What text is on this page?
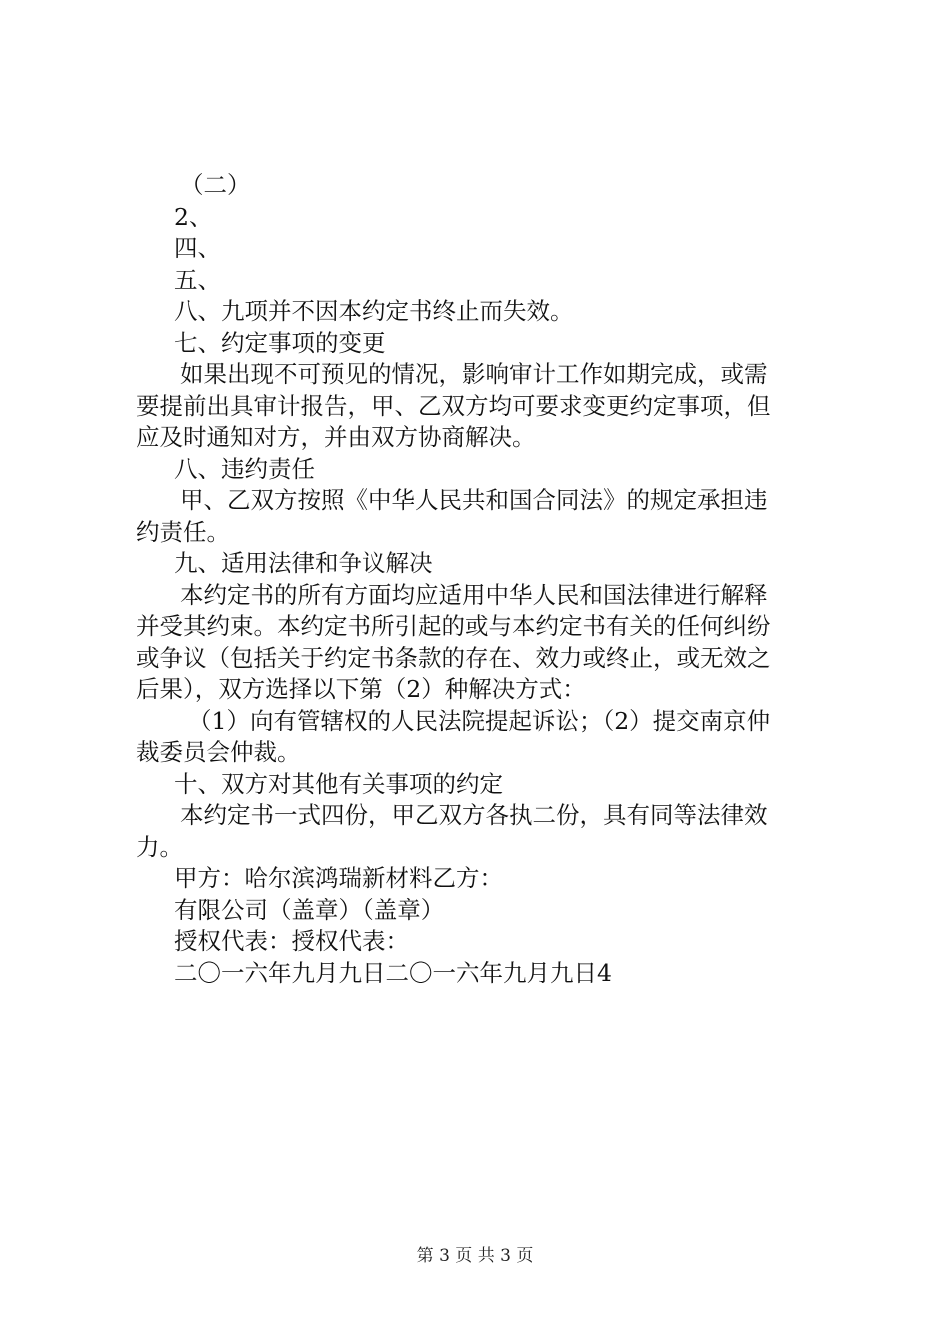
（二）
2、
四、
五、
八、九项并不因本约定书终止而失效。
七、约定事项的变更
如果出现不可预见的情况，影响审计工作如期完成，或需
要提前出具审计报告，甲、乙双方均可要求变更约定事项，但
应及时通知对方，并由双方协商解决。
八、违约责任
甲、乙双方按照《中华人民共和国合同法》的规定承担违
约责任。
九、适用法律和争议解决
本约定书的所有方面均应适用中华人民和国法律进行解释
并受其约束。本约定书所引起的或与本约定书有关的任何纠纷
或争议（包括关于约定书条款的存在、效力或终止，或无效之
后果），双方选择以下第（2）种解决方式：
（1）向有管辖权的人民法院提起诉讼；（2）提交南京仲
裁委员会仲裁。
十、双方对其他有关事项的约定
本约定书一式四份，甲乙双方各执二份，具有同等法律效
力。
甲方：哈尔滨鸿瑞新材料乙方：
有限公司（盖章）（盖章）
授权代表：授权代表：
二〇一六年九月九日二〇一六年九月九日4
第 3 页 共 3 页
